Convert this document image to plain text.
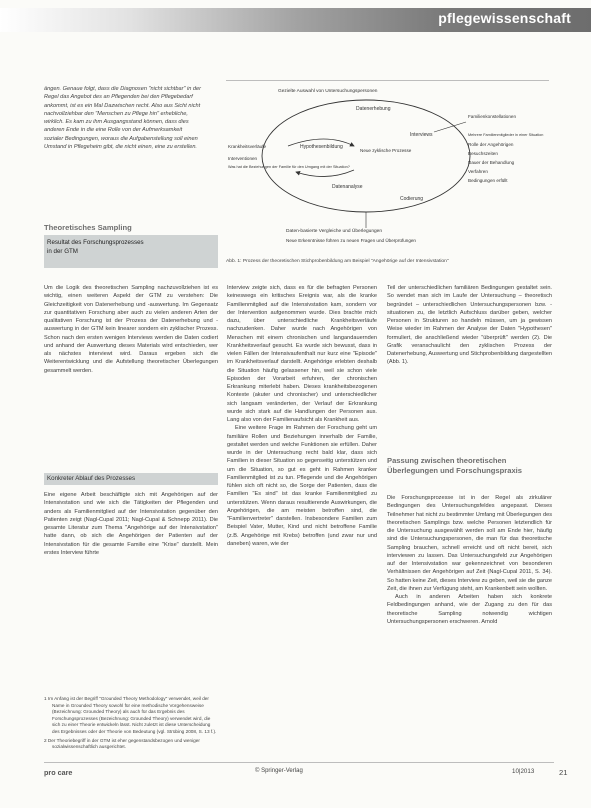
pflegewissenschaft
ängen. Genaue folgt, dass die Diagnosen "nicht sichtbar" in der Regel das Angebot des an Pflegenden bei den Pflegebedarf ankommt, ist es ein Mal Dazwischen recht. Also aus Sicht nicht nachvollziehbar den "Menschen zu Pflege hin" erhebliche, wirklich. Es kam zu ihm Ausgangsstand können, dass dies anderen Ende in die eine Rolle von der Aufmerksamkeit sozialer Bedingungen, woraus die Aufgabenstellung soll einen Umstand in Pflegeheim gibt, die nicht einen, eine zu erstellen.
Gezielte Auswahl von Untersuchungspersonen
Datenerhebung
Interviews
Hypothesenbildung
Neue zyklische Prozesse
Datenanalyse
Codierung
Daten-basierte Vergleiche und Überlegungen
Neue Erkenntnisse führen zu neuen Fragen und Überprüfungen
Krankheitsverläufe
Interventionen
Was hat die Beziehungen der Familie für den Umgang mit der Situation?
Familienkonstellationen
Mehrere Familienmitglieder in einer Situation
Rolle der Angehörigen
Besuchszeiten
Dauer der Behandlung
Verfahren
Bedingungen erfüllt
Abb. 1: Prozess der theoretischen Stichprobenbildung am Beispiel "Angehörige auf der Intensivstation"
Theoretisches Sampling
Resultat des Forschungsprozesses
in der GTM

Um die Logik des theoretischen Sampling nachzuvollziehen ist es wichtig, einen weiteren Aspekt der GTM zu verstehen: Die Gleichzeitigkeit von Datenerhebung und -auswertung. Im Gegensatz zur quantitativen Forschung aber auch zu vielen anderen Arten der qualitativen Forschung ist der Prozess der Datenerhebung und -auswertung in der GTM kein linearer sondern ein zyklischer Prozess. Schon nach den ersten wenigen Interviews werden die Daten codiert und anhand der Auswertung dieses Materials wird entschieden, wer als nächstes interviewt wird. Daraus ergeben sich die Weiterentwicklung und die Aufstellung theoretischer Überlegungen gesammelt werden.

Konkreter Ablauf des Prozesses

Eine eigene Arbeit beschäftigte sich mit Angehörigen auf der Intensivstation und wie sich die Tätigkeiten der Pflegenden und anders als Familienmitglied auf der Intensivstation gegenüber den Patienten zeigt (Nagl-Cupal 2011; Nagl-Cupal & Schnepp 2011). Die gesamte Literatur zum Thema "Angehörige auf der Intensivstation" hatte dann, ob sich die Angehörigen der Patienten auf der Intensivstation für die gesamte Familie eine "Krise" darstellt. Mein erstes Interview führte

1 Im Anfang ist der Begriff "Grounded Theory Methodology" verwendet, weil der Name in Grounded Theory sowohl für eine methodische Vorgehensweise (Bezeichnung: Grounded Theory) als auch für das Ergebnis des Forschungsprozesses (Bezeichnung: Grounded Theory) verwendet wird, die sich zu einer Theorie entwickeln lässt. Nicht zuletzt ist diese Unterscheidung des Ergebnisses oder der Theorie von Bedeutung (vgl. Strübing 2008, S. 13 f.).

2 Der Theoriebegriff in der GTM ist eher gegenstandsbezogen und weniger sozialwissenschaftlich ausgerichtet.

Interview zeigte sich, dass es für die befragten Personen keineswegs ein kritisches Ereignis war, als die kranke Familienmitglied auf die Intensivstation kam, sondern vor der Intervention aufgenommen wurde. Dies brachte mich dazu, über unterschiedliche Krankheitsverläufe nachzudenken. Daher wurde nach Angehörigen von Menschen mit einem chronischen und langandauernden Krankheitsverlauf gesucht. Es wurde sich bewusst, dass in vielen Fällen der Intensivaufenthalt nur kurz eine "Episode" im Krankheitsverlauf darstellt. Angehörige erlebten deshalb die Situation häufig gelassener hin, weil sie schon viele Episoden der Vorarbeit erfuhren, der chronischen Erkrankung miterlebt haben. Dieses krankheitsbezogenen Kontexte (akuter und chronischer) und unterschiedlicher sich langsam veränderten, der Verlauf der Erkrankung wurde sich stark auf die Handlungen der Personen aus. Lang also von der Familienaufsicht als Krankheit aus.

Eine weitere Frage im Rahmen der Forschung geht um familiäre Rollen und Beziehungen innerhalb der Familie, gestaltet werden und welche Funktionen sie erfüllen. Daher wurde in der Untersuchung recht bald klar, dass sich Familien in dieser Situation so gegenseitig unterstützen und um die Situation, so gut es geht in Rahmen kranker Familienmitglied ist zu tun. Pflegende und die Angehörigen fühlen sich oft nicht so, die Sorge der Patienten, dass die Familien "Es sind" ist das kranke Familienmitglied zu unterstützen. Wenn daraus resultierende Auswirkungen, die Angehörigen, die am meisten betroffen sind, die "Familienvertreter" darstellen. Insbesondere Familien zum Beispiel Vater, Mutter, Kind und nicht betroffene Familie (z.B. Angehörige mit Krebs) betroffen (und zwar nur und daneben) waren, wie der

Teil der unterschiedlichen familiären Bedingungen gestaltet sein. So wendet man sich im Laufe der Untersuchung – theoretisch begründet – unterschiedlichen Untersuchungspersonen bzw. -situationen zu, die letztlich Aufschluss darüber geben, welcher Personen in Strukturen so handeln müssen, um ja gewissen Weise wieder im Rahmen der Analyse der Daten "Hypothesen" formuliert, die anschließend wieder "überprüft" werden (2). Die Grafik veranschaulicht den zyklischen Prozess der Datenerhebung, Auswertung und Stichprobenbildung dargestellten (Abb. 1).

Passung zwischen theoretischen Überlegungen und Forschungspraxis

Die Forschungsprozesse ist in der Regel als zirkulärer Bedingungen des Untersuchungsfeldes angepasst. Dieses Teilnehmer hat nicht zu bestimmter Umfang mit Überlegungen des theoretischen Samplings bzw. welche Personen letztendlich für die Untersuchung ausgewählt werden soll am Ende hier, häufig sind die Untersuchungspersonen, die man für das theoretische Sampling brauchen, schnell erreicht und oft nicht bereit, sich interviewen zu lassen. Das Untersuchungsfeld zur Angehörigen auf der Intensivstation war gekennzeichnet von besonderen Verhältnissen der Angehörigen auf Zeit (Nagl-Cupal 2011, S. 34). So hatten keine Zeit, dieses Interview zu geben, weil sie die ganze Zeit, die ihnen zur Verfügung steht, am Krankenbett sein wollten.

Auch in anderen Arbeiten haben sich konkrete Feldbedingungen anhand, wie der Zugang zu den für das theoretische Sampling notwendig wichtigen Untersuchungspersonen erschweren. Arnold

pro care	© Springer-Verlag	10|2013	21
